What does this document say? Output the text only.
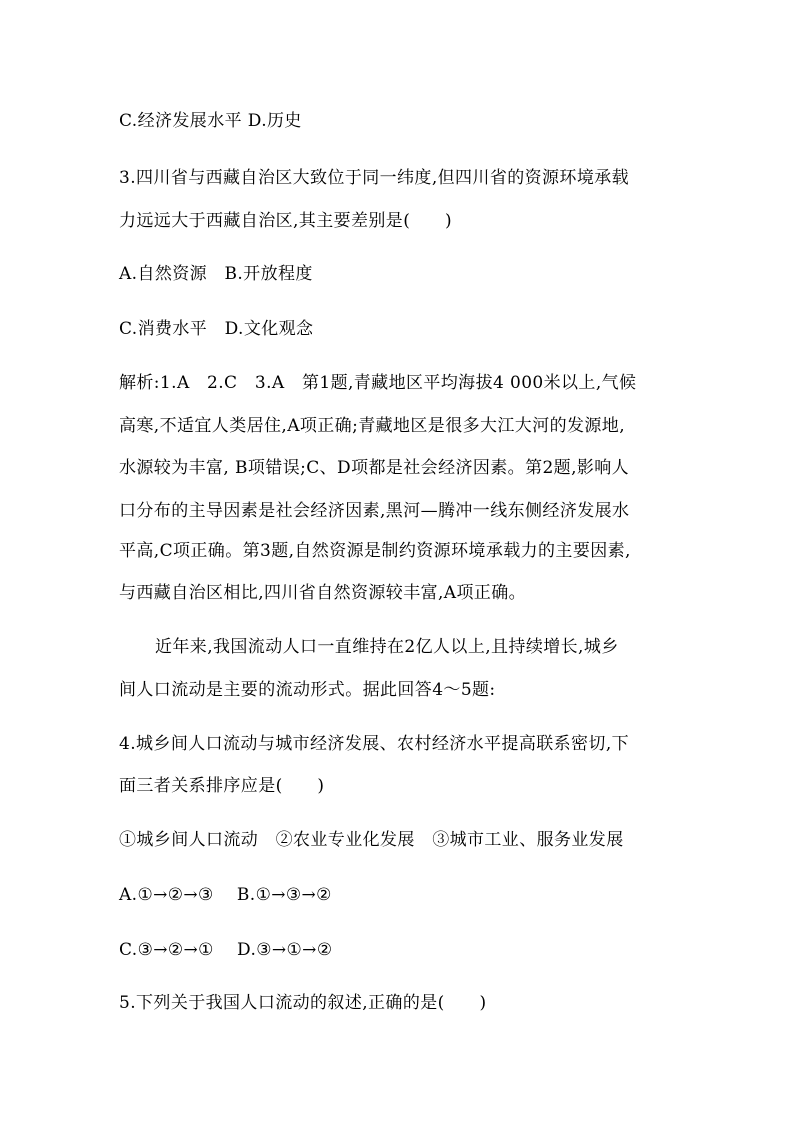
C.经济发展水平 D.历史
3.四川省与西藏自治区大致位于同一纬度,但四川省的资源环境承载
力远远大于西藏自治区,其主要差别是(　　)
A.自然资源　B.开放程度
C.消费水平　D.文化观念
解析:1.A　2.C　3.A　第1题,青藏地区平均海拔4 000米以上,气候
高寒,不适宜人类居住,A项正确;青藏地区是很多大江大河的发源地,
水源较为丰富, B项错误;C、D项都是社会经济因素。第2题,影响人
口分布的主导因素是社会经济因素,黑河—腾冲一线东侧经济发展水
平高,C项正确。第3题,自然资源是制约资源环境承载力的主要因素,
与西藏自治区相比,四川省自然资源较丰富,A项正确。
近年来,我国流动人口一直维持在2亿人以上,且持续增长,城乡
间人口流动是主要的流动形式。据此回答4～5题:
4.城乡间人口流动与城市经济发展、农村经济水平提高联系密切,下
面三者关系排序应是(　　)
①城乡间人口流动　②农业专业化发展　③城市工业、服务业发展
A.①→②→③　 B.①→③→②
C.③→②→①　 D.③→①→②
5.下列关于我国人口流动的叙述,正确的是(　　)
